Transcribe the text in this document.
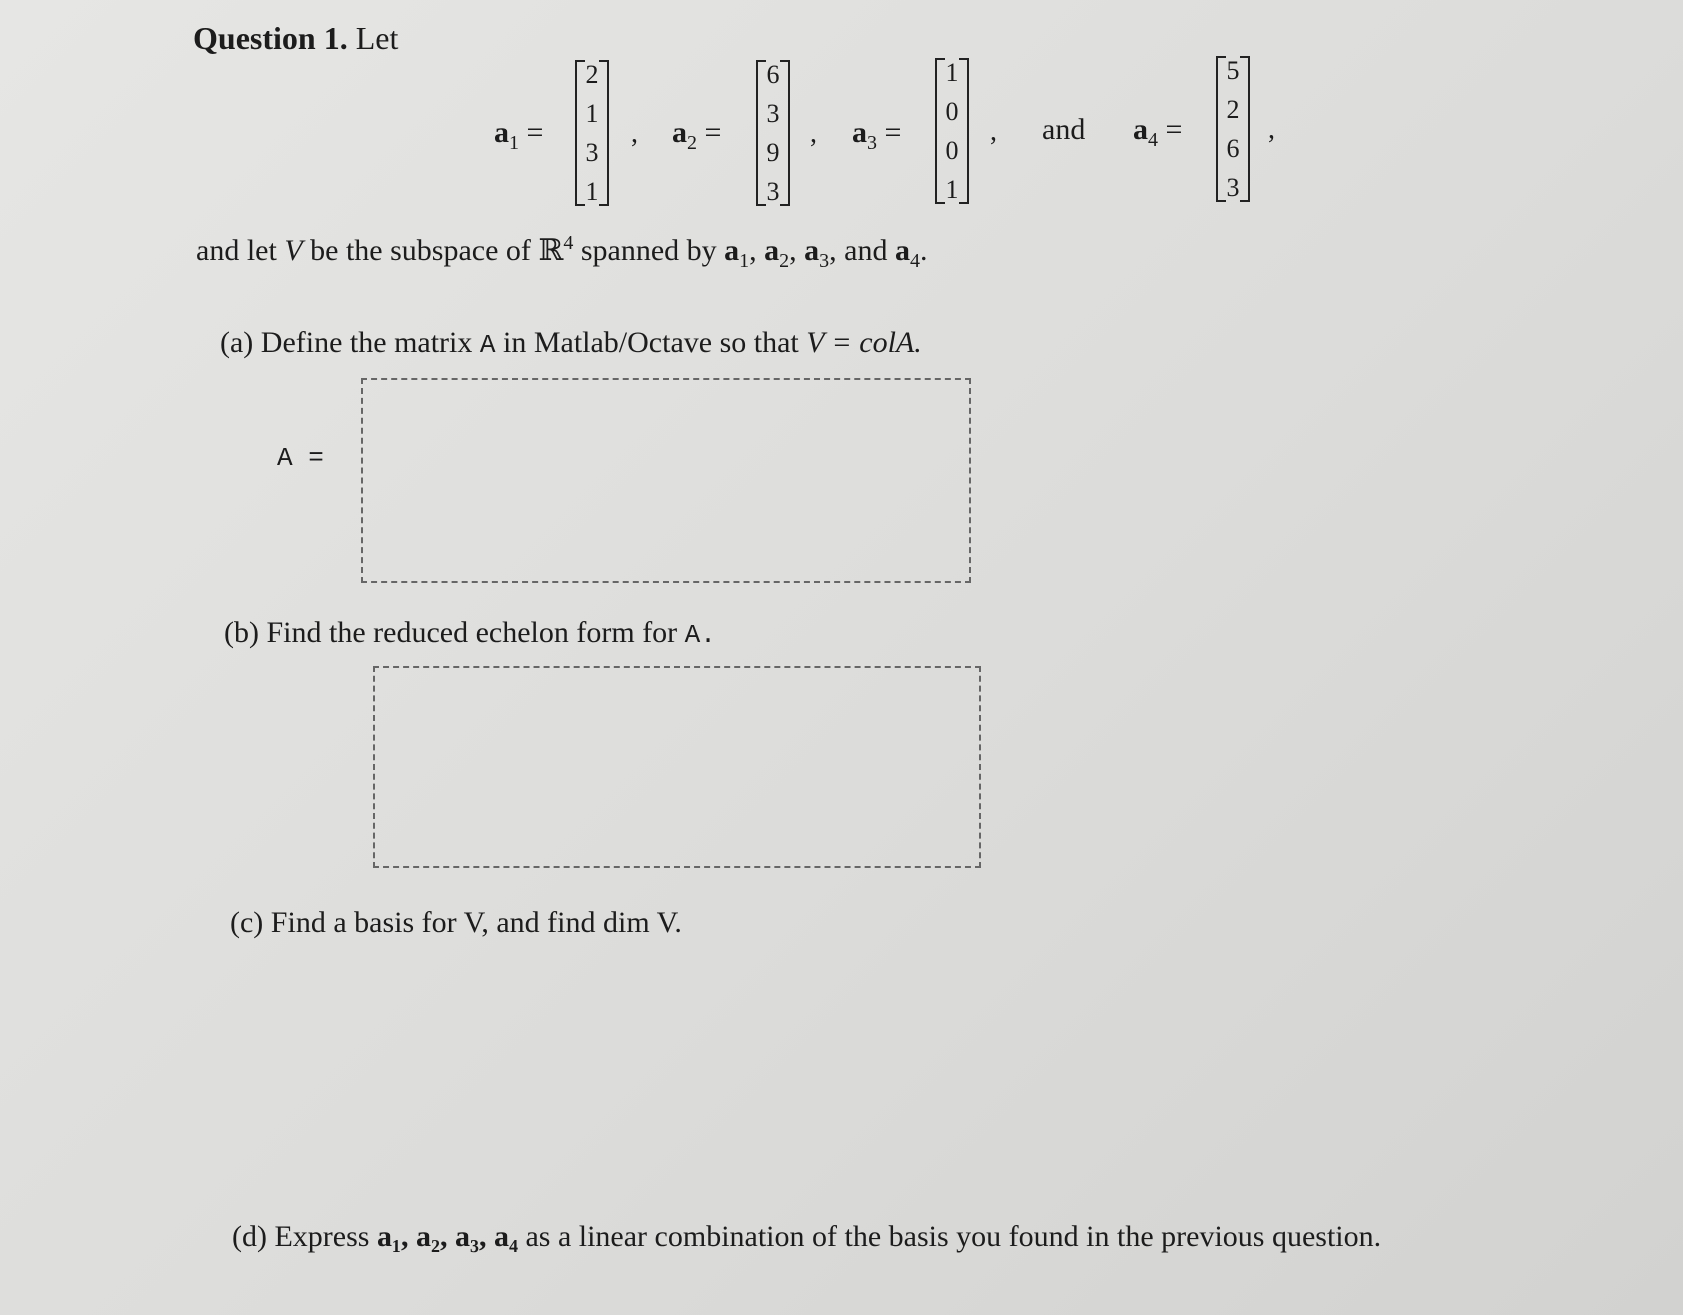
Question 1. Let
$a_1$ =
2
1
3
1
, $a_2$ =
6
3
9
3
, $a_3$ =
1
0
0
1
, and $a_4$ =
5
2
6
3
,
and let V be the subspace of ℝ$^4$ spanned by $a_1$, $a_2$, $a_3$, and $a_4$.
(a) Define the matrix A in Matlab/Octave so that V = colA.
A =
(b) Find the reduced echelon form for A.
(c) Find a basis for V, and find dim V.
(d) Express a₁, a₂, a₃, a₄ as a linear combination of the basis you found in the previous question.
